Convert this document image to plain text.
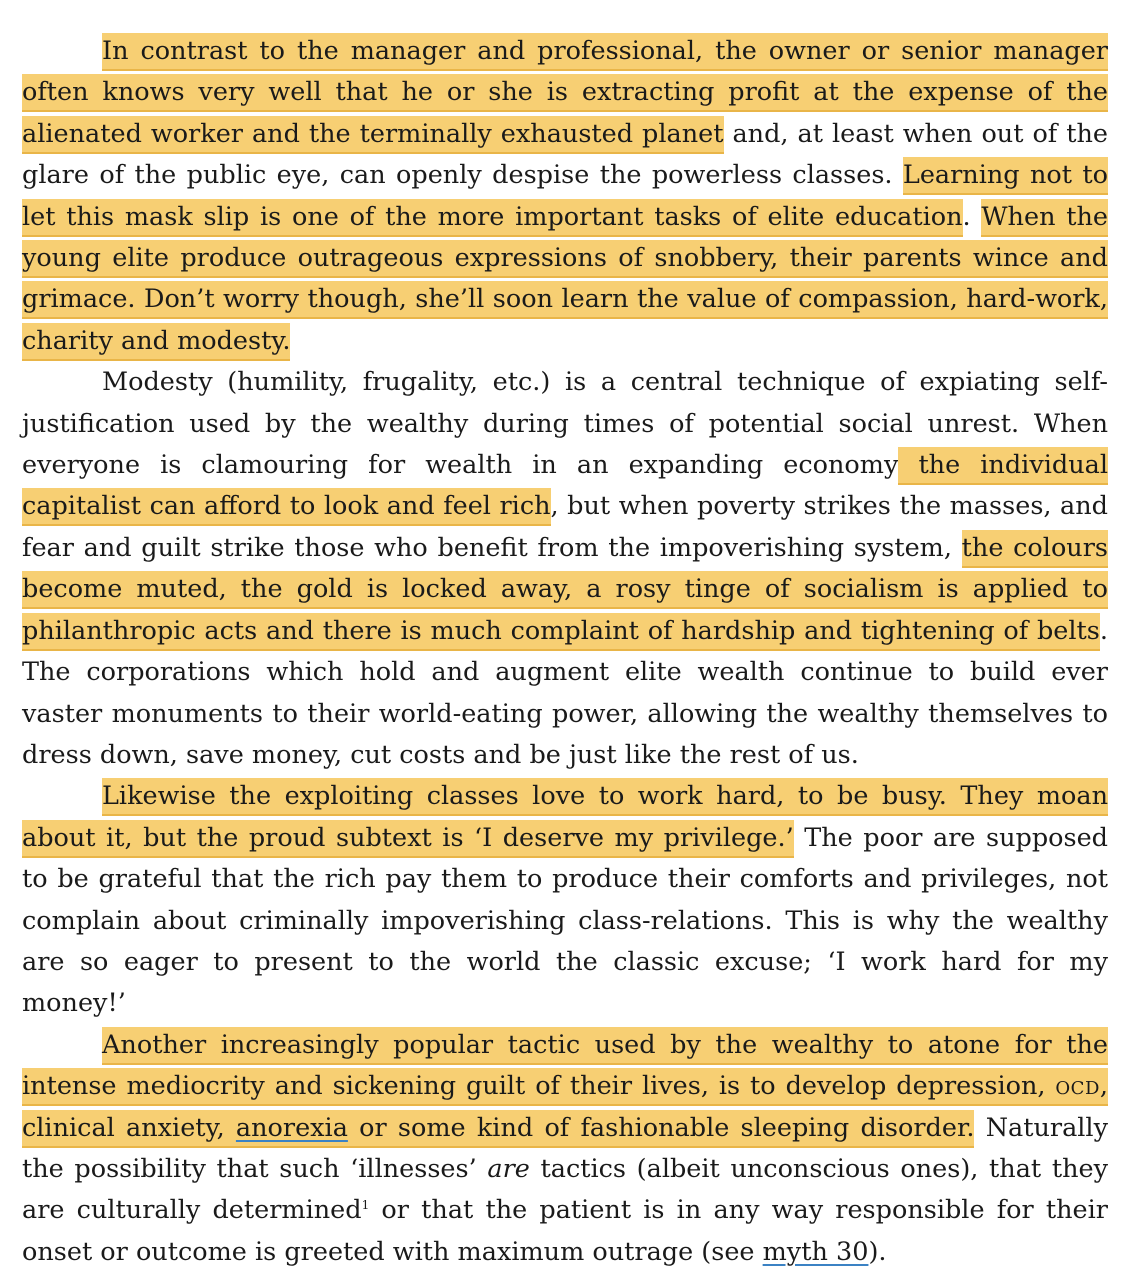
In contrast to the manager and professional, the owner or senior manager often knows very well that he or she is extracting profit at the expense of the alienated worker and the terminally exhausted planet and, at least when out of the glare of the public eye, can openly despise the powerless classes. Learning not to let this mask slip is one of the more important tasks of elite education. When the young elite produce outrageous expressions of snobbery, their parents wince and grimace. Don’t worry though, she’ll soon learn the value of compassion, hard-work, charity and modesty.

Modesty (humility, frugality, etc.) is a central technique of expiating self-justification used by the wealthy during times of potential social unrest. When everyone is clamouring for wealth in an expanding economy the individual capitalist can afford to look and feel rich, but when poverty strikes the masses, and fear and guilt strike those who benefit from the impoverishing system, the colours become muted, the gold is locked away, a rosy tinge of socialism is applied to philanthropic acts and there is much complaint of hardship and tightening of belts. The corporations which hold and augment elite wealth continue to build ever vaster monuments to their world-eating power, allowing the wealthy themselves to dress down, save money, cut costs and be just like the rest of us.

Likewise the exploiting classes love to work hard, to be busy. They moan about it, but the proud subtext is ‘I deserve my privilege.’ The poor are supposed to be grateful that the rich pay them to produce their comforts and privileges, not complain about criminally impoverishing class-relations. This is why the wealthy are so eager to present to the world the classic excuse; ‘I work hard for my money!’

Another increasingly popular tactic used by the wealthy to atone for the intense mediocrity and sickening guilt of their lives, is to develop depression, ocd, clinical anxiety, anorexia or some kind of fashionable sleeping disorder. Naturally the possibility that such ‘illnesses’ are tactics (albeit unconscious ones), that they are culturally determined$^1$ or that the patient is in any way responsible for their onset or outcome is greeted with maximum outrage (see myth 30).
